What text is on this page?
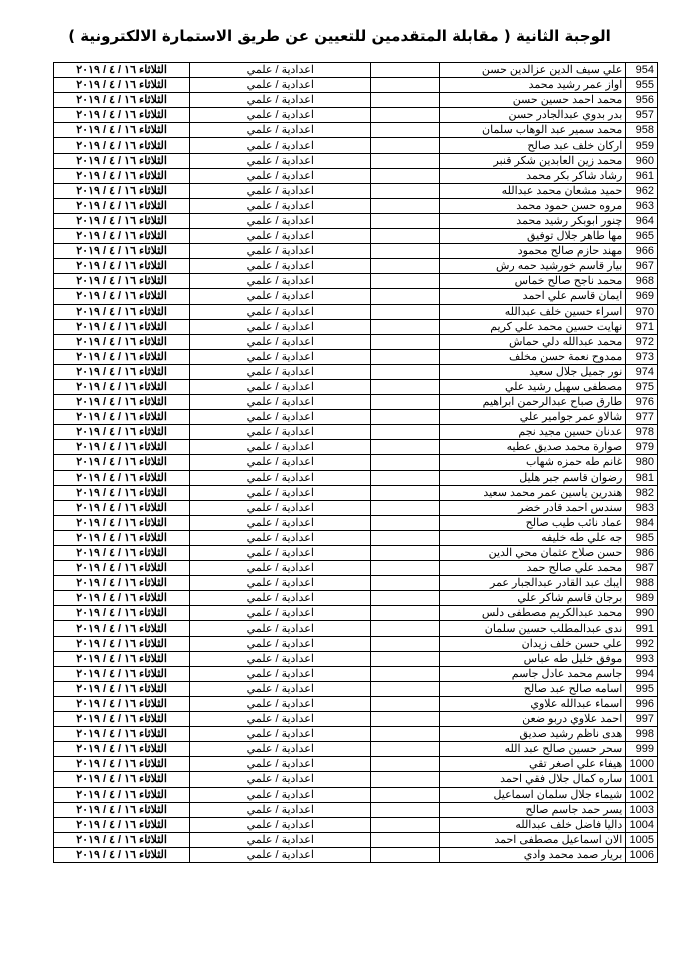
الوجبة الثانية ( مقابلة المتقدمين للتعيين عن طريق الاستمارة الالكترونية )
954	علي سيف الدين عزالدين حسن		اعدادية / علمي	الثلاثاء ١٦ / ٤ / ٢٠١٩
955	اواز عمر رشيد محمد		اعدادية / علمي	الثلاثاء ١٦ / ٤ / ٢٠١٩
956	محمد احمد حسين حسن		اعدادية / علمي	الثلاثاء ١٦ / ٤ / ٢٠١٩
957	بدر بدوي عبدالجادر حسن		اعدادية / علمي	الثلاثاء ١٦ / ٤ / ٢٠١٩
958	محمد سمير عبد الوهاب سلمان		اعدادية / علمي	الثلاثاء ١٦ / ٤ / ٢٠١٩
959	اركان خلف عبد صالح		اعدادية / علمي	الثلاثاء ١٦ / ٤ / ٢٠١٩
960	محمد زين العابدين شكر قنبر		اعدادية / علمي	الثلاثاء ١٦ / ٤ / ٢٠١٩
961	رشاد شاكر بكر محمد		اعدادية / علمي	الثلاثاء ١٦ / ٤ / ٢٠١٩
962	حميد مشعان محمد عبدالله		اعدادية / علمي	الثلاثاء ١٦ / ٤ / ٢٠١٩
963	مروه حسن حمود محمد		اعدادية / علمي	الثلاثاء ١٦ / ٤ / ٢٠١٩
964	چنور ابوبكر رشيد محمد		اعدادية / علمي	الثلاثاء ١٦ / ٤ / ٢٠١٩
965	مها طاهر جلال توفيق		اعدادية / علمي	الثلاثاء ١٦ / ٤ / ٢٠١٩
966	مهند حازم صالح محمود		اعدادية / علمي	الثلاثاء ١٦ / ٤ / ٢٠١٩
967	بيار قاسم خورشيد حمه رش		اعدادية / علمي	الثلاثاء ١٦ / ٤ / ٢٠١٩
968	محمد ناجح صالح خماس		اعدادية / علمي	الثلاثاء ١٦ / ٤ / ٢٠١٩
969	ايمان قاسم علي احمد		اعدادية / علمي	الثلاثاء ١٦ / ٤ / ٢٠١٩
970	اسراء حسين خلف عبدالله		اعدادية / علمي	الثلاثاء ١٦ / ٤ / ٢٠١٩
971	نهايت حسين محمد علي كريم		اعدادية / علمي	الثلاثاء ١٦ / ٤ / ٢٠١٩
972	محمد عبدالله دلي حماش		اعدادية / علمي	الثلاثاء ١٦ / ٤ / ٢٠١٩
973	ممدوح نعمة حسن مخلف		اعدادية / علمي	الثلاثاء ١٦ / ٤ / ٢٠١٩
974	نور جميل جلال سعيد		اعدادية / علمي	الثلاثاء ١٦ / ٤ / ٢٠١٩
975	مصطفى سهيل رشيد علي		اعدادية / علمي	الثلاثاء ١٦ / ٤ / ٢٠١٩
976	طارق صباح عبدالرحمن ابراهيم		اعدادية / علمي	الثلاثاء ١٦ / ٤ / ٢٠١٩
977	شالاو عمر جوامير علي		اعدادية / علمي	الثلاثاء ١٦ / ٤ / ٢٠١٩
978	عدنان حسين مجيد نجم		اعدادية / علمي	الثلاثاء ١٦ / ٤ / ٢٠١٩
979	صوارة محمد صديق عطيه		اعدادية / علمي	الثلاثاء ١٦ / ٤ / ٢٠١٩
980	غانم طه حمزه شهاب		اعدادية / علمي	الثلاثاء ١٦ / ٤ / ٢٠١٩
981	رضوان قاسم جبر هليل		اعدادية / علمي	الثلاثاء ١٦ / ٤ / ٢٠١٩
982	هندرين ياسين عمر محمد سعيد		اعدادية / علمي	الثلاثاء ١٦ / ٤ / ٢٠١٩
983	سندس احمد قادر خضر		اعدادية / علمي	الثلاثاء ١٦ / ٤ / ٢٠١٩
984	عماد نائب طيب صالح		اعدادية / علمي	الثلاثاء ١٦ / ٤ / ٢٠١٩
985	جه علي طه خليفه		اعدادية / علمي	الثلاثاء ١٦ / ٤ / ٢٠١٩
986	حسن صلاح عثمان محي الدين		اعدادية / علمي	الثلاثاء ١٦ / ٤ / ٢٠١٩
987	محمد علي صالح حمد		اعدادية / علمي	الثلاثاء ١٦ / ٤ / ٢٠١٩
988	ايبك عبد القادر عبدالجبار عمر		اعدادية / علمي	الثلاثاء ١٦ / ٤ / ٢٠١٩
989	برجان قاسم شاكر علي		اعدادية / علمي	الثلاثاء ١٦ / ٤ / ٢٠١٩
990	محمد عبدالكريم مصطفى دلس		اعدادية / علمي	الثلاثاء ١٦ / ٤ / ٢٠١٩
991	ندى عبدالمطلب حسين سلمان		اعدادية / علمي	الثلاثاء ١٦ / ٤ / ٢٠١٩
992	علي حسن خلف زيدان		اعدادية / علمي	الثلاثاء ١٦ / ٤ / ٢٠١٩
993	موفق خليل طه عباس		اعدادية / علمي	الثلاثاء ١٦ / ٤ / ٢٠١٩
994	جاسم محمد عادل جاسم		اعدادية / علمي	الثلاثاء ١٦ / ٤ / ٢٠١٩
995	اسامه صالح عبد صالح		اعدادية / علمي	الثلاثاء ١٦ / ٤ / ٢٠١٩
996	اسماء عبدالله علاوي		اعدادية / علمي	الثلاثاء ١٦ / ٤ / ٢٠١٩
997	احمد علاوي دربو ضعن		اعدادية / علمي	الثلاثاء ١٦ / ٤ / ٢٠١٩
998	هدى ناظم رشيد صديق		اعدادية / علمي	الثلاثاء ١٦ / ٤ / ٢٠١٩
999	سحر حسين صالح عبد الله		اعدادية / علمي	الثلاثاء ١٦ / ٤ / ٢٠١٩
1000	هيفاء علي اصغر تقي		اعدادية / علمي	الثلاثاء ١٦ / ٤ / ٢٠١٩
1001	ساره كمال جلال فقي احمد		اعدادية / علمي	الثلاثاء ١٦ / ٤ / ٢٠١٩
1002	شيماء جلال سلمان اسماعيل		اعدادية / علمي	الثلاثاء ١٦ / ٤ / ٢٠١٩
1003	يسر حمد جاسم صالح		اعدادية / علمي	الثلاثاء ١٦ / ٤ / ٢٠١٩
1004	داليا فاضل خلف عبدالله		اعدادية / علمي	الثلاثاء ١٦ / ٤ / ٢٠١٩
1005	الان اسماعيل مصطفى احمد		اعدادية / علمي	الثلاثاء ١٦ / ٤ / ٢٠١٩
1006	بريار صمد محمد وادي		اعدادية / علمي	الثلاثاء ١٦ / ٤ / ٢٠١٩
